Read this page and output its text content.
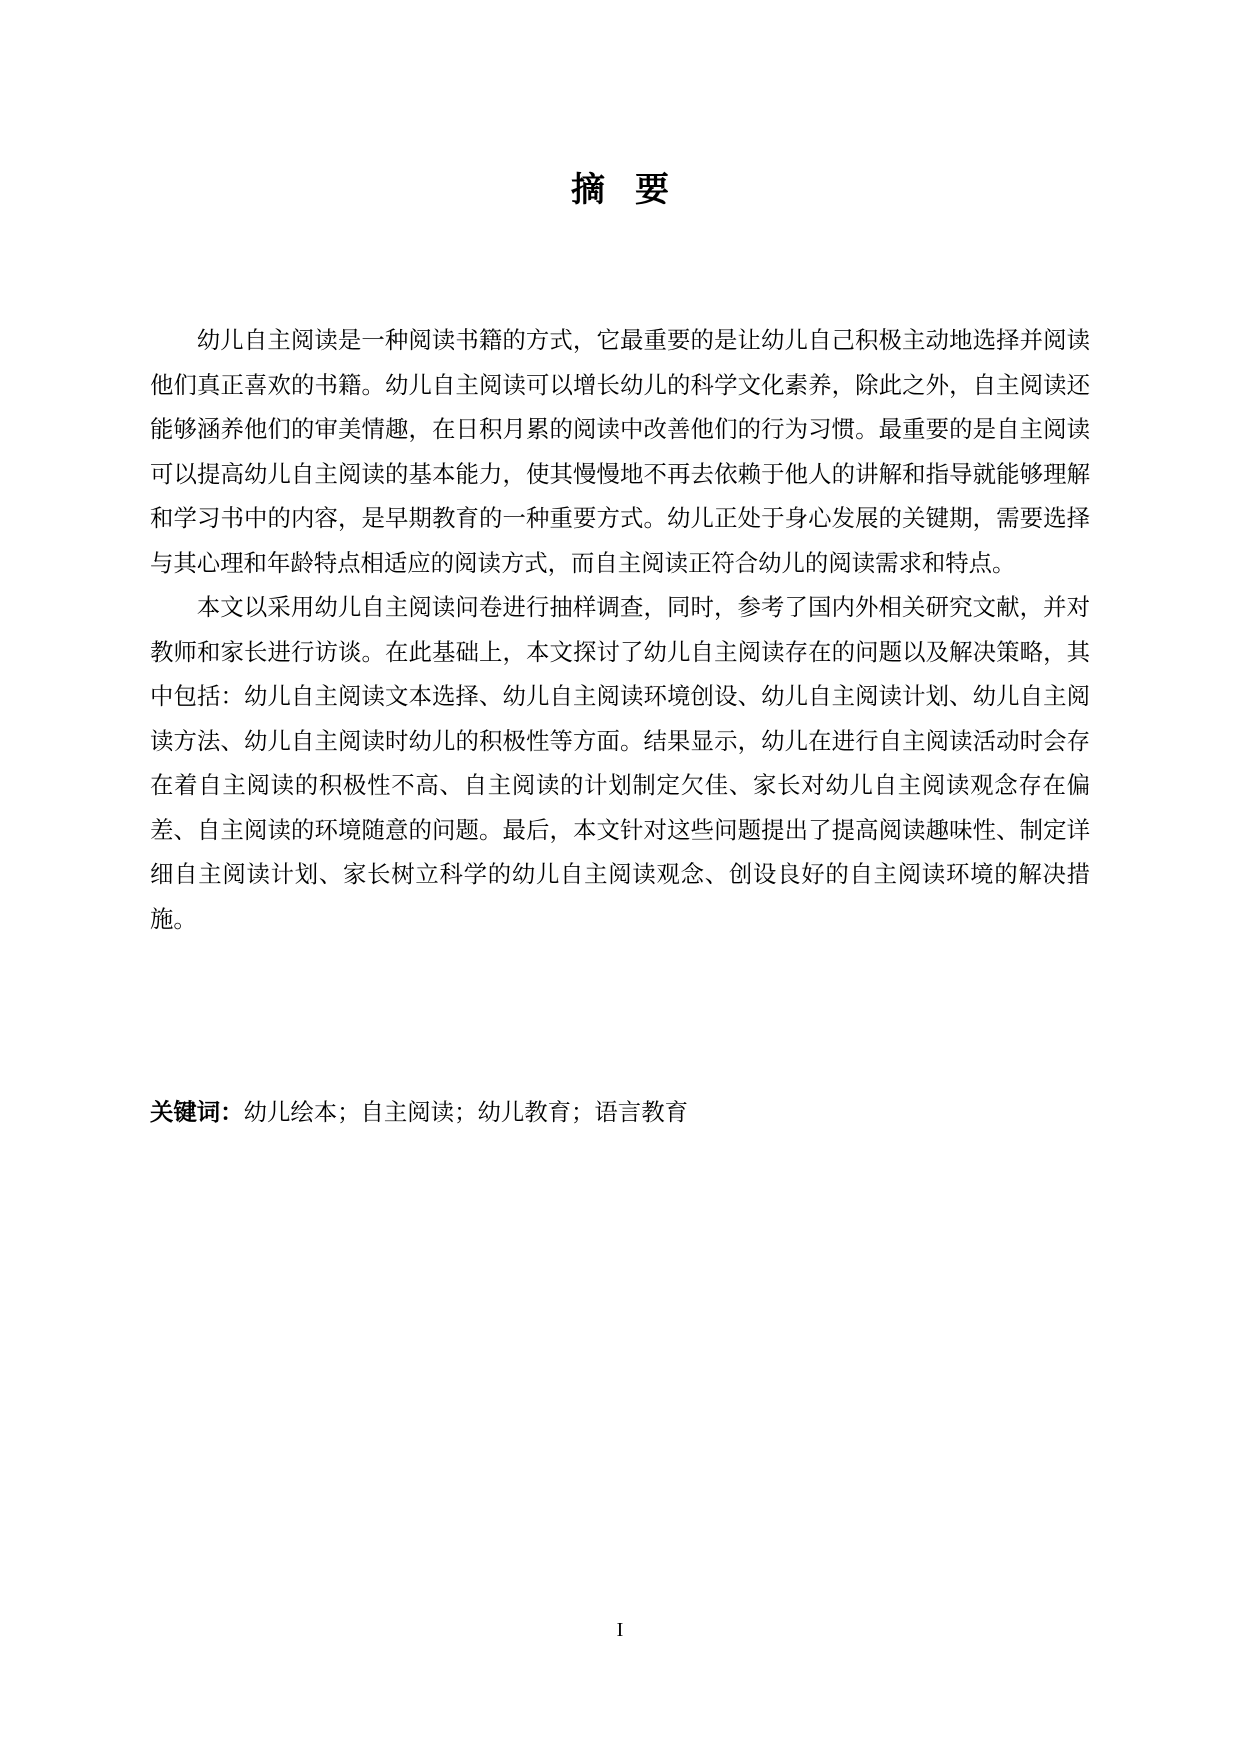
摘要

幼儿自主阅读是一种阅读书籍的方式，它最重要的是让幼儿自己积极主动地选择并阅读他们真正喜欢的书籍。幼儿自主阅读可以增长幼儿的科学文化素养，除此之外，自主阅读还能够涵养他们的审美情趣，在日积月累的阅读中改善他们的行为习惯。最重要的是自主阅读可以提高幼儿自主阅读的基本能力，使其慢慢地不再去依赖于他人的讲解和指导就能够理解和学习书中的内容，是早期教育的一种重要方式。幼儿正处于身心发展的关键期，需要选择与其心理和年龄特点相适应的阅读方式，而自主阅读正符合幼儿的阅读需求和特点。

本文以采用幼儿自主阅读问卷进行抽样调查，同时，参考了国内外相关研究文献，并对教师和家长进行访谈。在此基础上，本文探讨了幼儿自主阅读存在的问题以及解决策略，其中包括：幼儿自主阅读文本选择、幼儿自主阅读环境创设、幼儿自主阅读计划、幼儿自主阅读方法、幼儿自主阅读时幼儿的积极性等方面。结果显示，幼儿在进行自主阅读活动时会存在着自主阅读的积极性不高、自主阅读的计划制定欠佳、家长对幼儿自主阅读观念存在偏差、自主阅读的环境随意的问题。最后，本文针对这些问题提出了提高阅读趣味性、制定详细自主阅读计划、家长树立科学的幼儿自主阅读观念、创设良好的自主阅读环境的解决措施。

关键词：幼儿绘本；自主阅读；幼儿教育；语言教育
I
